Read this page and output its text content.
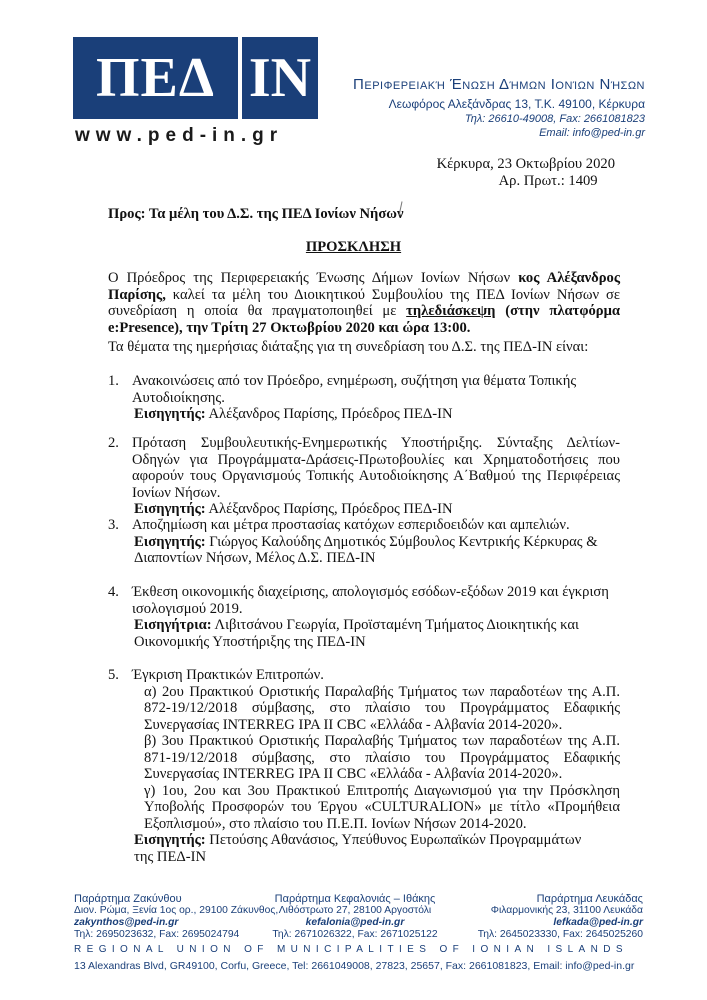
ΠΕΔ IN
www.ped-in.gr
Περιφερειακή Ένωση Δήμων Ιονίων Νήσων
Λεωφόρος Αλεξάνδρας 13, Τ.Κ. 49100, Κέρκυρα
Τηλ: 26610-49008, Fax: 2661081823
Email: info@ped-in.gr
Κέρκυρα, 23 Οκτωβρίου 2020
Αρ. Πρωτ.: 1409
Προς: Τα μέλη του Δ.Σ. της ΠΕΔ Ιονίων Νήσων
ΠΡΟΣΚΛΗΣΗ
Ο Πρόεδρος της Περιφερειακής Ένωσης Δήμων Ιονίων Νήσων κος Αλέξανδρος Παρίσης, καλεί τα μέλη του Διοικητικού Συμβουλίου της ΠΕΔ Ιονίων Νήσων σε συνεδρίαση η οποία θα πραγματοποιηθεί με τηλεδιάσκεψη (στην πλατφόρμα e:Presence), την Τρίτη 27 Οκτωβρίου 2020 και ώρα 13:00.
Τα θέματα της ημερήσιας διάταξης για τη συνεδρίαση του Δ.Σ. της ΠΕΔ-ΙΝ είναι:
1. Ανακοινώσεις από τον Πρόεδρο, ενημέρωση, συζήτηση για θέματα Τοπικής Αυτοδιοίκησης.
Εισηγητής: Αλέξανδρος Παρίσης, Πρόεδρος ΠΕΔ-ΙΝ
2. Πρόταση Συμβουλευτικής-Ενημερωτικής Υποστήριξης. Σύνταξης Δελτίων-Οδηγών για Προγράμματα-Δράσεις-Πρωτοβουλίες και Χρηματοδοτήσεις που αφορούν τους Οργανισμούς Τοπικής Αυτοδιοίκησης Α΄Βαθμού της Περιφέρειας Ιονίων Νήσων.
Εισηγητής: Αλέξανδρος Παρίσης, Πρόεδρος ΠΕΔ-ΙΝ
3. Αποζημίωση και μέτρα προστασίας κατόχων εσπεριδοειδών και αμπελιών.
Εισηγητής: Γιώργος Καλούδης Δημοτικός Σύμβουλος Κεντρικής Κέρκυρας & Διαποντίων Νήσων, Μέλος Δ.Σ. ΠΕΔ-ΙΝ
4. Έκθεση οικονομικής διαχείρισης, απολογισμός εσόδων-εξόδων 2019 και έγκριση ισολογισμού 2019.
Εισηγήτρια: Λιβιτσάνου Γεωργία, Προϊσταμένη Τμήματος Διοικητικής και Οικονομικής Υποστήριξης της ΠΕΔ-ΙΝ
5. Έγκριση Πρακτικών Επιτροπών.

α) 2ου Πρακτικού Οριστικής Παραλαβής Τμήματος των παραδοτέων της Α.Π. 872-19/12/2018 σύμβασης, στο πλαίσιο του Προγράμματος Εδαφικής Συνεργασίας INTERREG IPA II CBC «Ελλάδα - Αλβανία 2014-2020».

β) 3ου Πρακτικού Οριστικής Παραλαβής Τμήματος των παραδοτέων της Α.Π. 871-19/12/2018 σύμβασης, στο πλαίσιο του Προγράμματος Εδαφικής Συνεργασίας INTERREG IPA II CBC «Ελλάδα - Αλβανία 2014-2020».

γ) 1ου, 2ου και 3ου Πρακτικού Επιτροπής Διαγωνισμού για την Πρόσκληση Υποβολής Προσφορών του Έργου «CULTURALION» με τίτλο «Προμήθεια Εξοπλισμού», στο πλαίσιο του Π.Ε.Π. Ιονίων Νήσων 2014-2020.

Εισηγητής: Πετούσης Αθανάσιος, Υπεύθυνος Ευρωπαϊκών Προγραμμάτων της ΠΕΔ-ΙΝ
Παράρτημα Ζακύνθου
Διον. Ρώμα, Ξενία 1ος ορ., 29100 Ζάκυνθος,
zakynthos@ped-in.gr
Τηλ: 2695023632, Fax: 2695024794
Παράρτημα Κεφαλονιάς – Ιθάκης
Λιθόστρωτο 27, 28100 Αργοστόλι
kefalonia@ped-in.gr
Τηλ: 2671026322, Fax: 2671025122
Παράρτημα Λευκάδας
Φιλαρμονικής 23, 31100 Λευκάδα
lefkada@ped-in.gr
Τηλ: 2645023330, Fax: 2645025260
REGIONAL UNION OF MUNICIPALITIES OF IONIAN ISLANDS
13 Alexandras Blvd, GR49100, Corfu, Greece, Tel: 2661049008, 27823, 25657, Fax: 2661081823, Email: info@ped-in.gr
